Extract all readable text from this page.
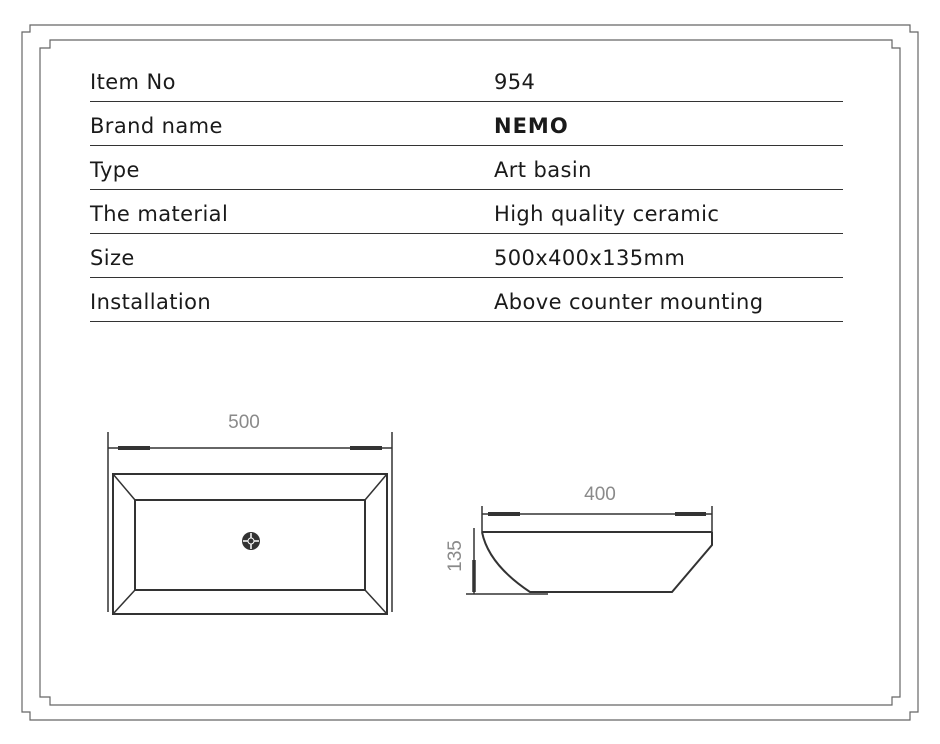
Item No	954
Brand name	NEMO
Type	Art basin
The material	High quality ceramic
Size	500x400x135mm
Installation	Above counter mounting
500
400
135
